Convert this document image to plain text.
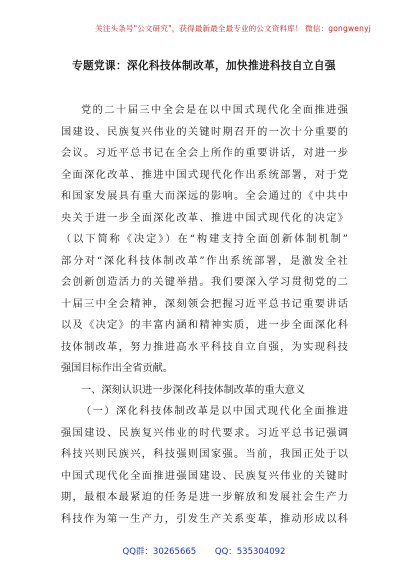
关注头条号"公文研究"，获得最新最全最专业的公文资料库！ 微信：gongwenyj
专题党课：深化科技体制改革，加快推进科技自立自强
党的二十届三中全会是在以中国式现代化全面推进强
国建设、民族复兴伟业的关键时期召开的一次十分重要的
会议。习近平总书记在全会上所作的重要讲话，对进一步
全面深化改革、推进中国式现代化作出系统部署，对于党
和国家发展具有重大而深远的影响。全会通过的《中共中
央关于进一步全面深化改革、推进中国式现代化的决定》
（以下简称《决定》）在“构建支持全面创新体制机制”
部分对“深化科技体制改革”作出系统部署，是激发全社
会创新创造活力的关键举措。我们要深入学习贯彻党的二
十届三中全会精神，深刻领会把握习近平总书记重要讲话
以及《决定》的丰富内涵和精神实质，进一步全面深化科
技体制改革，努力推进高水平科技自立自强，为实现科技
强国目标作出全省贡献。
一、深刻认识进一步深化科技体制改革的重大意义
（一）深化科技体制改革是以中国式现代化全面推进
强国建设、民族复兴伟业的时代要求。习近平总书记强调
科技兴则民族兴，科技强则国家强。当前，我国正处于以
中国式现代化全面推进强国建设、民族复兴伟业的关键时
期，最根本最紧迫的任务是进一步解放和发展社会生产力
科技作为第一生产力，引发生产关系变革，推动形成以科
QQ群：30265665 QQ：535304092
